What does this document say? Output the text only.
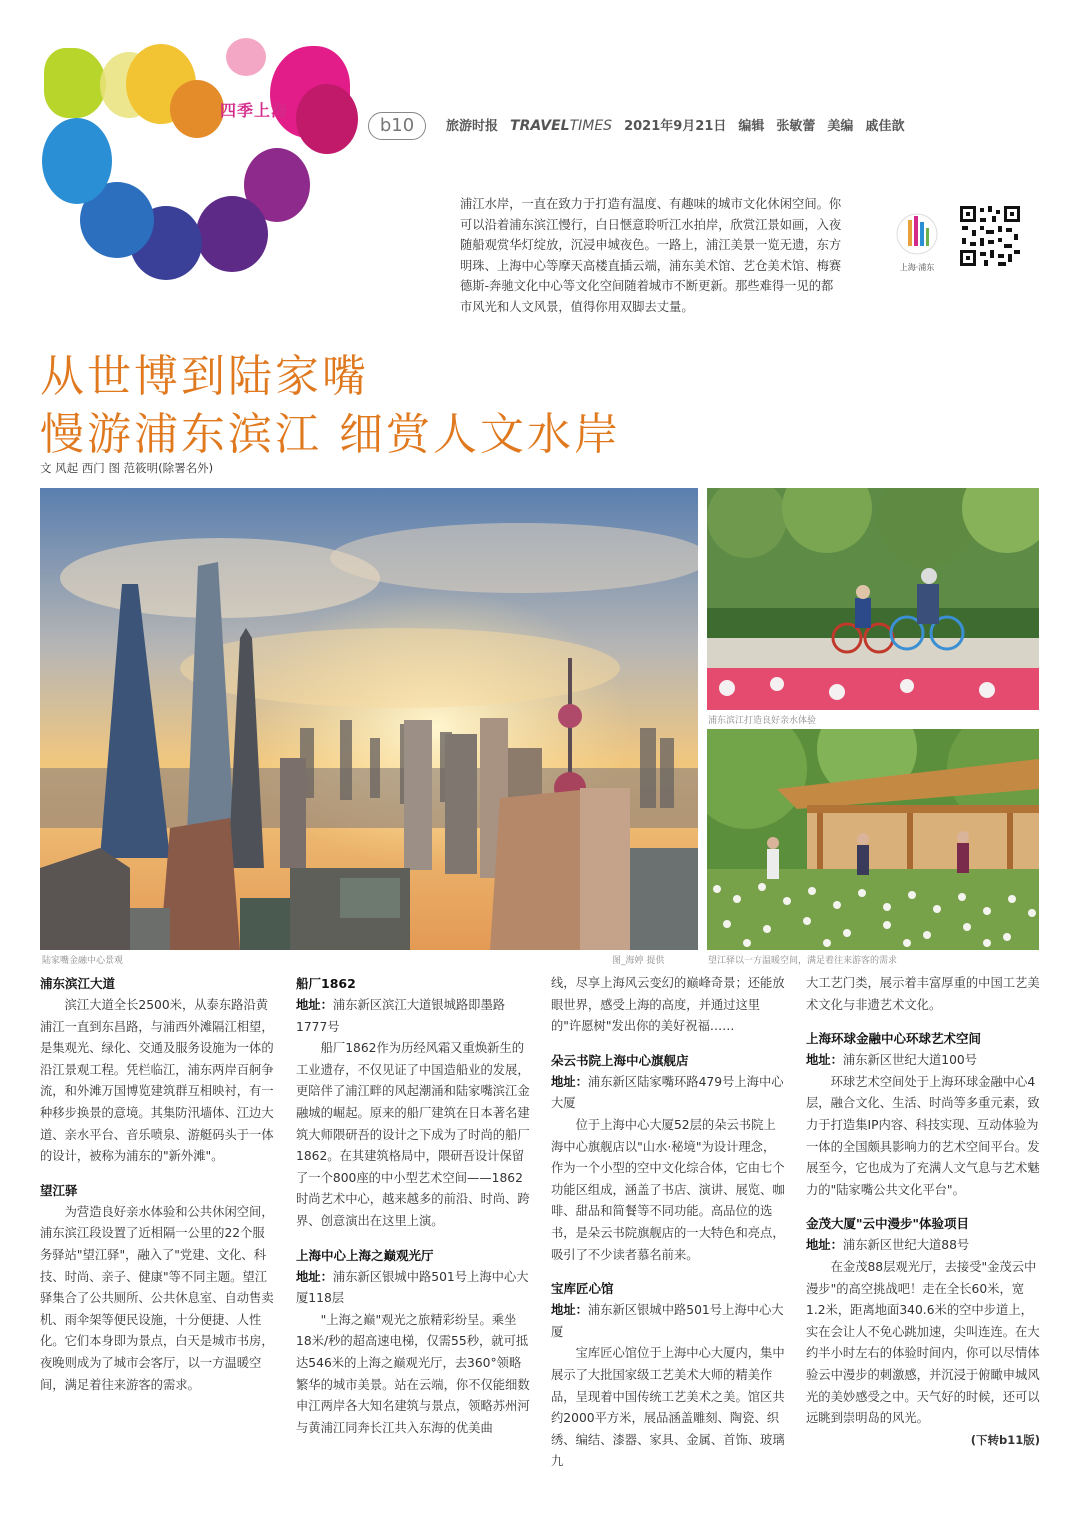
四季上海
b10	旅游时报 TRAVELTIMES 2021年9月21日 编辑 张敏蕾 美编 戚佳歆
浦江水岸，一直在致力于打造有温度、有趣味的城市文化休闲空间。你可以沿着浦东滨江慢行，白日惬意聆听江水拍岸，欣赏江景如画，入夜随船观赏华灯绽放，沉浸申城夜色。一路上，浦江美景一览无遗，东方明珠、上海中心等摩天高楼直插云端，浦东美术馆、艺仓美术馆、梅赛德斯-奔驰文化中心等文化空间随着城市不断更新。那些难得一见的都市风光和人文风景，值得你用双脚去丈量。
上海·浦东
从世博到陆家嘴
慢游浦东滨江 细赏人文水岸
文 风起 西门 图 范筱明(除署名外)
陆家嘴金融中心景观	图_海婷 提供
浦东滨江打造良好亲水体验
望江驿以一方温暖空间，满足着往来游客的需求
浦东滨江大道

滨江大道全长2500米，从泰东路沿黄浦江一直到东昌路，与浦西外滩隔江相望，是集观光、绿化、交通及服务设施为一体的沿江景观工程。凭栏临江，浦东两岸百舸争流，和外滩万国博览建筑群互相映衬，有一种移步换景的意境。其集防汛墙体、江边大道、亲水平台、音乐喷泉、游艇码头于一体的设计，被称为浦东的"新外滩"。

望江驿

为营造良好亲水体验和公共休闲空间，浦东滨江段设置了近相隔一公里的22个服务驿站"望江驿"，融入了"党建、文化、科技、时尚、亲子、健康"等不同主题。望江驿集合了公共厕所、公共休息室、自动售卖机、雨伞架等便民设施，十分便捷、人性化。它们本身即为景点，白天是城市书房，夜晚则成为了城市会客厅，以一方温暖空间，满足着往来游客的需求。

船厂1862

地址：浦东新区滨江大道银城路即墨路1777号

船厂1862作为历经风霜又重焕新生的工业遗存，不仅见证了中国造船业的发展，更陪伴了浦江畔的风起潮涌和陆家嘴滨江金融城的崛起。原来的船厂建筑在日本著名建筑大师隈研吾的设计之下成为了时尚的船厂1862。在其建筑格局中，隈研吾设计保留了一个800座的中小型艺术空间——1862时尚艺术中心，越来越多的前沿、时尚、跨界、创意演出在这里上演。

上海中心上海之巅观光厅

地址：浦东新区银城中路501号上海中心大厦118层

"上海之巅"观光之旅精彩纷呈。乘坐18米/秒的超高速电梯，仅需55秒，就可抵达546米的上海之巅观光厅，去360°领略繁华的城市美景。站在云端，你不仅能细数申江两岸各大知名建筑与景点，领略苏州河与黄浦江同奔长江共入东海的优美曲

线，尽享上海风云变幻的巅峰奇景；还能放眼世界，感受上海的高度，并通过这里的"许愿树"发出你的美好祝福……

朵云书院上海中心旗舰店

地址：浦东新区陆家嘴环路479号上海中心大厦

位于上海中心大厦52层的朵云书院上海中心旗舰店以"山水·秘境"为设计理念，作为一个小型的空中文化综合体，它由七个功能区组成，涵盖了书店、演讲、展览、咖啡、甜品和简餐等不同功能。高品位的选书，是朵云书院旗舰店的一大特色和亮点，吸引了不少读者慕名前来。

宝库匠心馆

地址：浦东新区银城中路501号上海中心大厦

宝库匠心馆位于上海中心大厦内，集中展示了大批国家级工艺美术大师的精美作品，呈现着中国传统工艺美术之美。馆区共约2000平方米，展品涵盖雕刻、陶瓷、织绣、编结、漆器、家具、金属、首饰、玻璃九

大工艺门类，展示着丰富厚重的中国工艺美术文化与非遗艺术文化。

上海环球金融中心环球艺术空间

地址：浦东新区世纪大道100号

环球艺术空间处于上海环球金融中心4层，融合文化、生活、时尚等多重元素，致力于打造集IP内容、科技实现、互动体验为一体的全国颇具影响力的艺术空间平台。发展至今，它也成为了充满人文气息与艺术魅力的"陆家嘴公共文化平台"。

金茂大厦"云中漫步"体验项目

地址：浦东新区世纪大道88号

在金茂88层观光厅，去接受"金茂云中漫步"的高空挑战吧！走在全长60米，宽1.2米，距离地面340.6米的空中步道上，实在会让人不免心跳加速，尖叫连连。在大约半小时左右的体验时间内，你可以尽情体验云中漫步的刺激感，并沉浸于俯瞰申城风光的美妙感受之中。天气好的时候，还可以远眺到崇明岛的风光。

(下转b11版)
